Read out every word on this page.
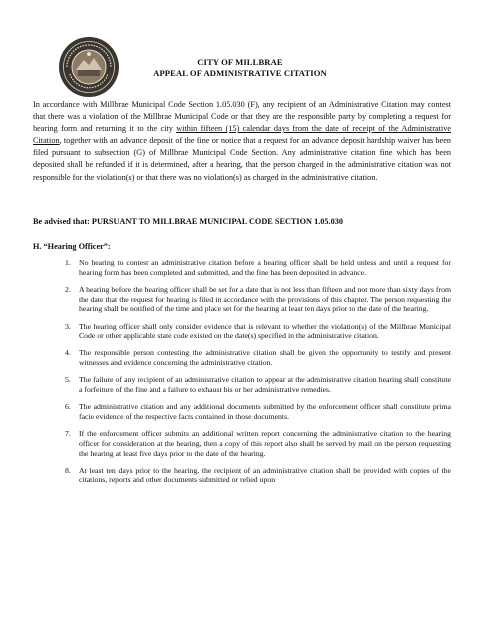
CITY OF MILLBRAE
APPEAL OF ADMINISTRATIVE CITATION

In accordance with Millbrae Municipal Code Section 1.05.030 (F), any recipient of an Administrative Citation may contest that there was a violation of the Millbrae Municipal Code or that they are the responsible party by completing a request for hearing form and returning it to the city within fifteen (15) calendar days from the date of receipt of the Administrative Citation, together with an advance deposit of the fine or notice that a request for an advance deposit hardship waiver has been filed pursuant to subsection (G) of Millbrae Municipal Code Section. Any administrative citation fine which has been deposited shall be refunded if it is determined, after a hearing, that the person charged in the administrative citation was not responsible for the violation(s) or that there was no violation(s) as charged in the administrative citation.

Be advised that: PURSUANT TO MILLBRAE MUNICIPAL CODE SECTION 1.05.030
H. “Hearing Officer”:
1. No hearing to contest an administrative citation before a hearing officer shall be held unless and until a request for hearing form has been completed and submitted, and the fine has been deposited in advance.
2. A hearing before the hearing officer shall be set for a date that is not less than fifteen and not more than sixty days from the date that the request for hearing is filed in accordance with the provisions of this chapter. The person requesting the hearing shall be notified of the time and place set for the hearing at least ten days prior to the date of the hearing.
3. The hearing officer shall only consider evidence that is relevant to whether the violation(s) of the Millbrae Municipal Code or other applicable state code existed on the date(s) specified in the administrative citation.
4. The responsible person contesting the administrative citation shall be given the opportunity to testify and present witnesses and evidence concerning the administrative citation.
5. The failure of any recipient of an administrative citation to appear at the administrative citation hearing shall constitute a forfeiture of the fine and a failure to exhaust his or her administrative remedies.
6. The administrative citation and any additional documents submitted by the enforcement officer shall constitute prima facie evidence of the respective facts contained in those documents.
7. If the enforcement officer submits an additional written report concerning the administrative citation to the hearing officer for consideration at the hearing, then a copy of this report also shall be served by mail on the person requesting the hearing at least five days prior to the date of the hearing.
8. At least ten days prior to the hearing, the recipient of an administrative citation shall be provided with copies of the citations, reports and other documents submitted or relied upon
